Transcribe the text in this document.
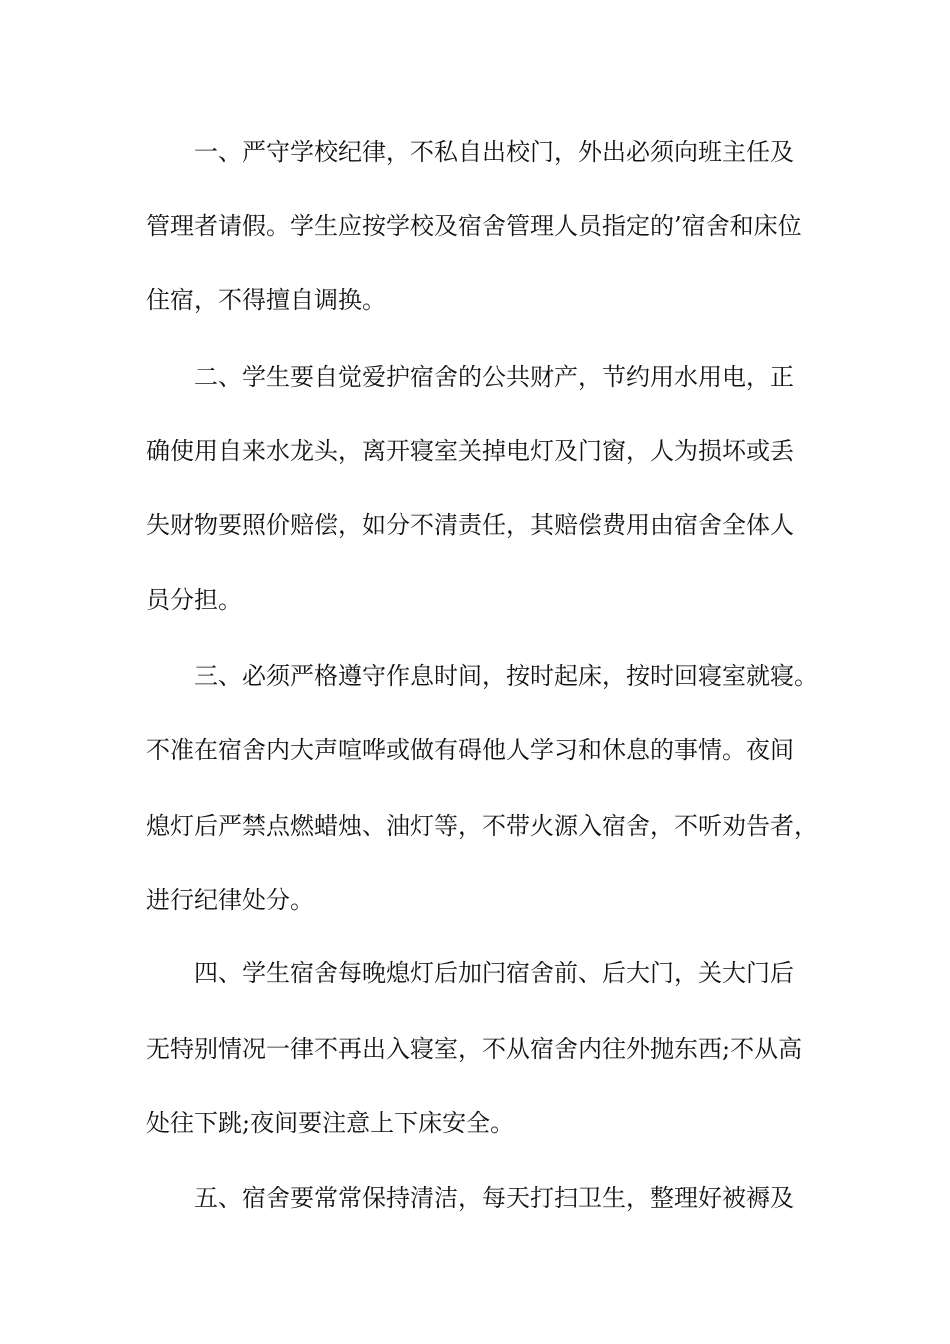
一、严守学校纪律，不私自出校门，外出必须向班主任及
管理者请假。学生应按学校及宿舍管理人员指定的’宿舍和床位
住宿，不得擅自调换。
二、学生要自觉爱护宿舍的公共财产，节约用水用电，正
确使用自来水龙头，离开寝室关掉电灯及门窗，人为损坏或丢
失财物要照价赔偿，如分不清责任，其赔偿费用由宿舍全体人
员分担。
三、必须严格遵守作息时间，按时起床，按时回寝室就寝。
不准在宿舍内大声喧哗或做有碍他人学习和休息的事情。夜间
熄灯后严禁点燃蜡烛、油灯等，不带火源入宿舍，不听劝告者，
进行纪律处分。
四、学生宿舍每晚熄灯后加闩宿舍前、后大门，关大门后
无特别情况一律不再出入寝室，不从宿舍内往外抛东西;不从高
处往下跳;夜间要注意上下床安全。
五、宿舍要常常保持清洁，每天打扫卫生，整理好被褥及
